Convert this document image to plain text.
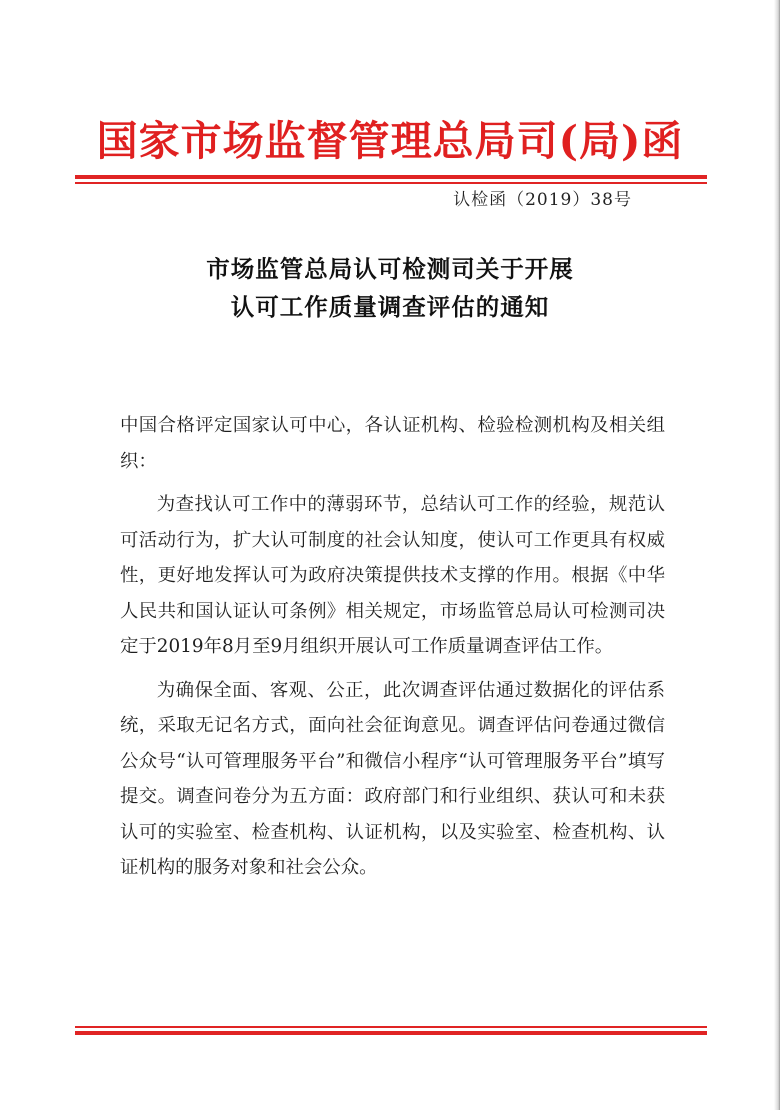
国家市场监督管理总局司(局)函
认检函（2019）38号
市场监管总局认可检测司关于开展
认可工作质量调查评估的通知

中国合格评定国家认可中心，各认证机构、检验检测机构及相关组织：

为查找认可工作中的薄弱环节，总结认可工作的经验，规范认可活动行为，扩大认可制度的社会认知度，使认可工作更具有权威性，更好地发挥认可为政府决策提供技术支撑的作用。根据《中华人民共和国认证认可条例》相关规定，市场监管总局认可检测司决定于2019年8月至9月组织开展认可工作质量调查评估工作。

为确保全面、客观、公正，此次调查评估通过数据化的评估系统，采取无记名方式，面向社会征询意见。调查评估问卷通过微信公众号“认可管理服务平台”和微信小程序“认可管理服务平台”填写提交。调查问卷分为五方面：政府部门和行业组织、获认可和未获认可的实验室、检查机构、认证机构，以及实验室、检查机构、认证机构的服务对象和社会公众。
